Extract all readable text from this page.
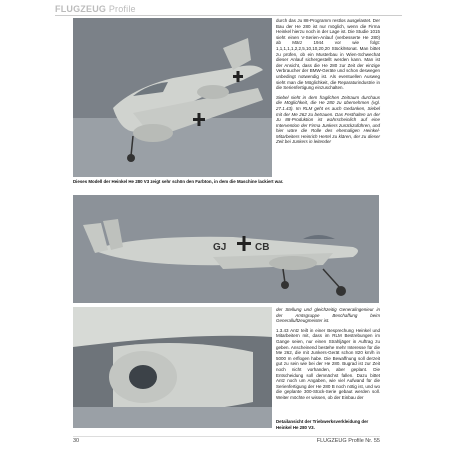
FLUGZEUG Profile
Dieses Modell der Heinkel He 280 V3 zeigt sehr schön den Farbton, in dem die Maschine lackiert war.

durch das Ju 88-Programm restlos ausgelastet. Der Bau der He 280 ist nur möglich, wenn die Firma Heinkel hierzu noch in der Lage ist. Die Studie 1015 sieht einen V-Serien-Anlauf (verbesserte He 280) ab März 1944 vor wie folgt: 1,1,1,1,1,2,2,5,10,10,20,20 Stück/Monat. Man bittet zu prüfen, ob ein Musterbau in Wien-Schwechat dieser Anlauf sichergestellt werden kann. Man ist der Ansicht, dass die He 280 zur Zeit der einzige Verbraucher der BMW-Geräte und schon deswegen unbedingt notwendig ist. Als eventuellen Ausweg sieht man die Möglichkeit, die Reparaturindustrie in die Serienfertigung einzuschalten.

Siebel sieht in dem fraglichen Zeitraum durchaus die Möglichkeit, die He 280 zu übernehmen (vgl. 27.1.43). Im RLM geht es auch Gedanken, Siebel mit der Me 262 zu betrauen. Das Festhalten an der Ju 88-Produktion ist wahrscheinlich auf eine Intervention der Firma Junkers zurückzuführen, und hier wäre die Rolle des ehemaligen Heinkel-Mitarbeiters Heinrich Hertel zu klären, der zu dieser Zeit bei Junkers in leitender

GJ	CB

der Stellung und gleichzeitig Generalingenieur in der Amtsgruppe Beschaffung beim Generalluftzeugmeister ist.

1.3.43 Antz teilt in einer Besprechung Heinkel und Mitarbeitern mit, dass im RLM Bestrebungen im Gange seien, nur einen Strahljäger in Auftrag zu geben. Anscheinend bestehe mehr Interesse für die Me 262, die mit Junkers-Gerät schon 820 km/h in 5000 m erflogen habe. Die Bewaffnung soll derzeit gut zu sein wie bei der He 280. Bugrad ist zur Zeit noch nicht vorhanden, aber geplant. Die Entscheidung soll demnächst fallen. Dazu bittet Antz noch um Angaben, wie viel Aufwand für die Serienfertigung der He 280 B noch nötig ist, und wo die geplante 300-Stück-Serie gebaut werden soll. Weiter möchte er wissen, ob der Einbau der

Detailansicht der Triebwerksverkleidung der Heinkel He 280 V3.
30	FLUGZEUG Profile Nr. 55
